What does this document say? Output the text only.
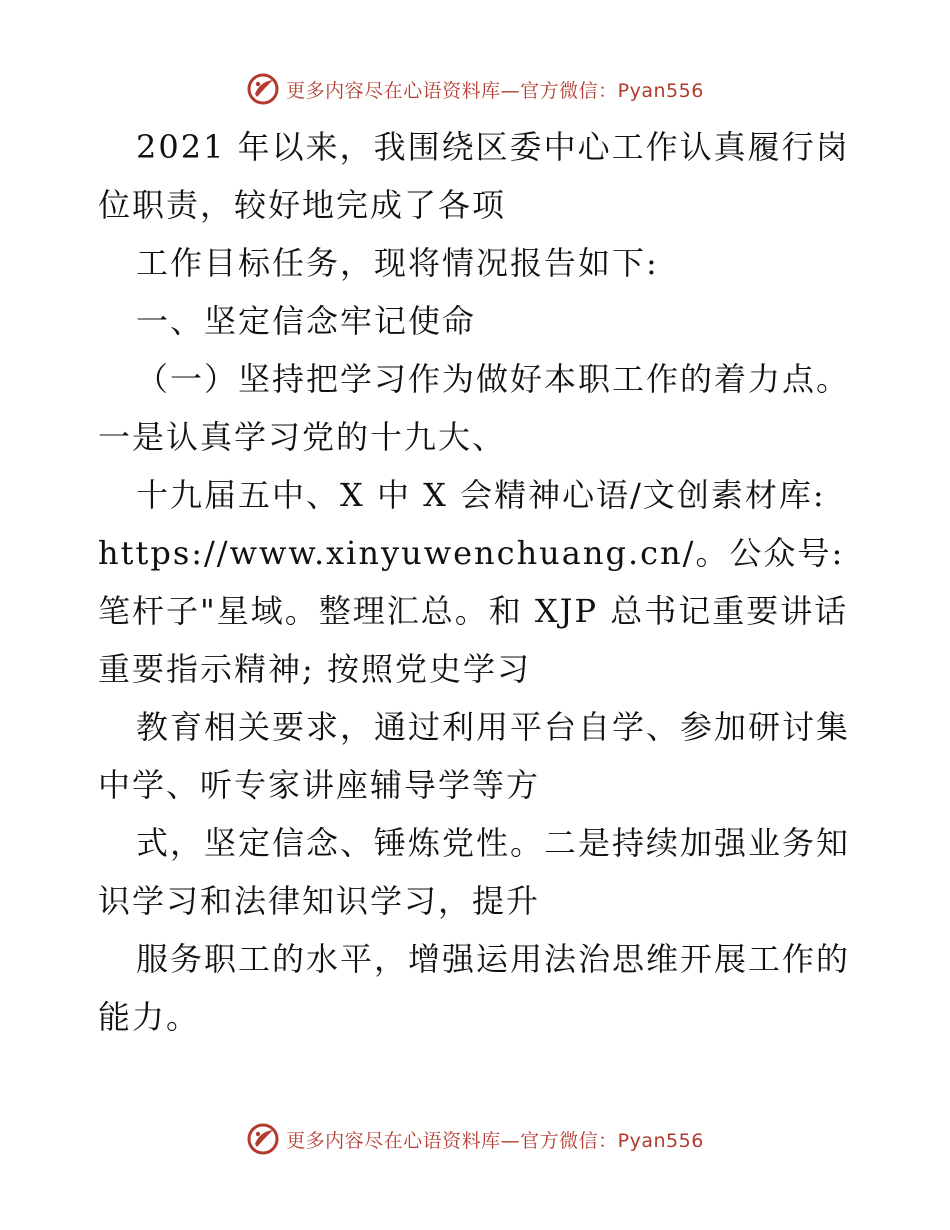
更多内容尽在心语资料库—官方微信：Pyan556

2021 年以来，我围绕区委中心工作认真履行岗位职责，较好地完成了各项

工作目标任务，现将情况报告如下:

一、坚定信念牢记使命

（一）坚持把学习作为做好本职工作的着力点。一是认真学习党的十九大、

十九届五中、X 中 X 会精神心语/文创素材库: https://www.xinyuwenchuang.cn/。公众号: 笔杆子"星域。整理汇总。和 XJP 总书记重要讲话重要指示精神; 按照党史学习

教育相关要求，通过利用平台自学、参加研讨集中学、听专家讲座辅导学等方

式，坚定信念、锤炼党性。二是持续加强业务知识学习和法律知识学习，提升

服务职工的水平，增强运用法治思维开展工作的能力。

更多内容尽在心语资料库—官方微信：Pyan556
